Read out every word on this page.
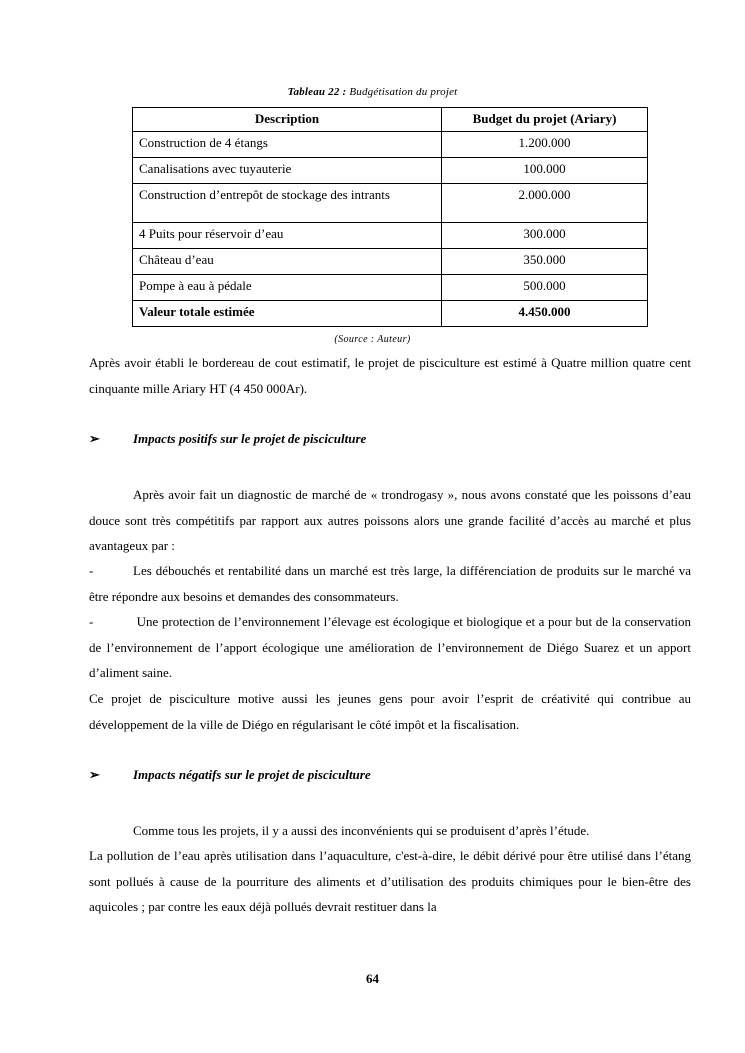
Tableau 22 : Budgétisation du projet
Description	Budget du projet (Ariary)
Construction de 4 étangs	1.200.000
Canalisations avec tuyauterie	100.000
Construction d’entrepôt de stockage des intrants	2.000.000
4 Puits pour réservoir d’eau	300.000
Château d’eau	350.000
Pompe à eau à pédale	500.000
Valeur totale estimée	4.450.000
(Source : Auteur)

Après avoir établi le bordereau de cout estimatif, le projet de pisciculture est estimé à Quatre million quatre cent cinquante mille Ariary HT (4 450 000Ar).

➢	Impacts positifs sur le projet de pisciculture

Après avoir fait un diagnostic de marché de « trondrogasy », nous avons constaté que les poissons d’eau douce sont très compétitifs par rapport aux autres poissons alors une grande facilité d’accès au marché et plus avantageux par :

-	Les débouchés et rentabilité dans un marché est très large, la différenciation de produits sur le marché va être répondre aux besoins et demandes des consommateurs.

-	Une protection de l’environnement l’élevage est écologique et biologique et a pour but de la conservation de l’environnement de l’apport écologique une amélioration de l’environnement de Diégo Suarez et un apport d’aliment saine.

Ce projet de pisciculture motive aussi les jeunes gens pour avoir l’esprit de créativité qui contribue au développement de la ville de Diégo en régularisant le côté impôt et la fiscalisation.

➢	Impacts négatifs sur le projet de pisciculture

Comme tous les projets, il y a aussi des inconvénients qui se produisent d’après l’étude.

La pollution de l’eau après utilisation dans l’aquaculture, c'est-à-dire, le débit dérivé pour être utilisé dans l’étang sont pollués à cause de la pourriture des aliments et d’utilisation des produits chimiques pour le bien-être des aquicoles ; par contre les eaux déjà pollués devrait restituer dans la

64
